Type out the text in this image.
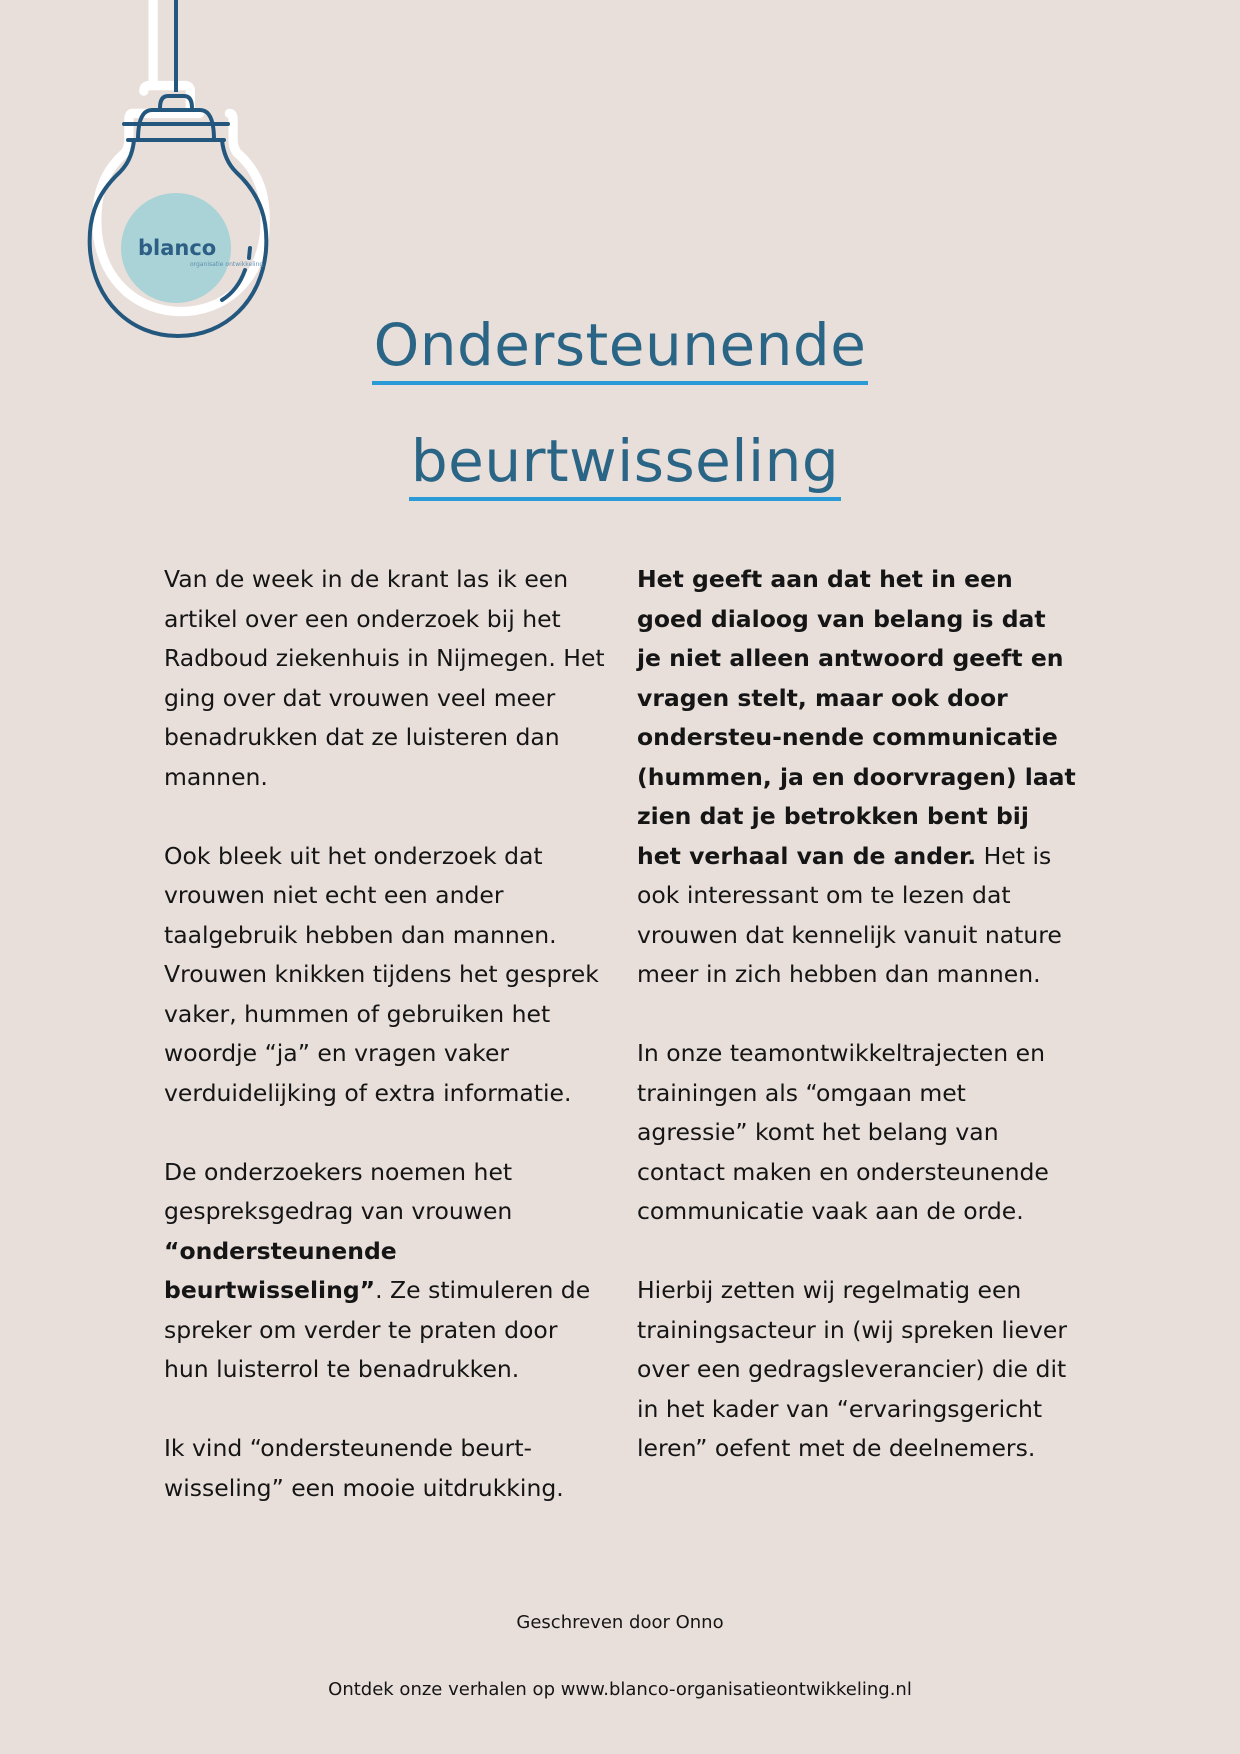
blanco
organisatie ontwikkeling
Ondersteunende
beurtwisseling

Van de week in de krant las ik een artikel over een onderzoek bij het Radboud ziekenhuis in Nijmegen. Het ging over dat vrouwen veel meer benadrukken dat ze luisteren dan mannen.

Ook bleek uit het onderzoek dat vrouwen niet echt een ander taalgebruik hebben dan mannen. Vrouwen knikken tijdens het gesprek vaker, hummen of gebruiken het woordje “ja” en vragen vaker verduidelijking of extra informatie.

De onderzoekers noemen het gespreksgedrag van vrouwen “ondersteunende beurtwisseling”. Ze stimuleren de spreker om verder te praten door hun luisterrol te benadrukken.

Ik vind “ondersteunende beurt-wisseling” een mooie uitdrukking.

Het geeft aan dat het in een goed dialoog van belang is dat je niet alleen antwoord geeft en vragen stelt, maar ook door ondersteu-nende communicatie (hummen, ja en doorvragen) laat zien dat je betrokken bent bij het verhaal van de ander. Het is ook interessant om te lezen dat vrouwen dat kennelijk vanuit nature meer in zich hebben dan mannen.

In onze teamontwikkeltrajecten en trainingen als “omgaan met agressie” komt het belang van contact maken en ondersteunende communicatie vaak aan de orde.

Hierbij zetten wij regelmatig een trainingsacteur in (wij spreken liever over een gedragsleverancier) die dit in het kader van “ervaringsgericht leren” oefent met de deelnemers.

Geschreven door Onno
Ontdek onze verhalen op www.blanco-organisatieontwikkeling.nl
